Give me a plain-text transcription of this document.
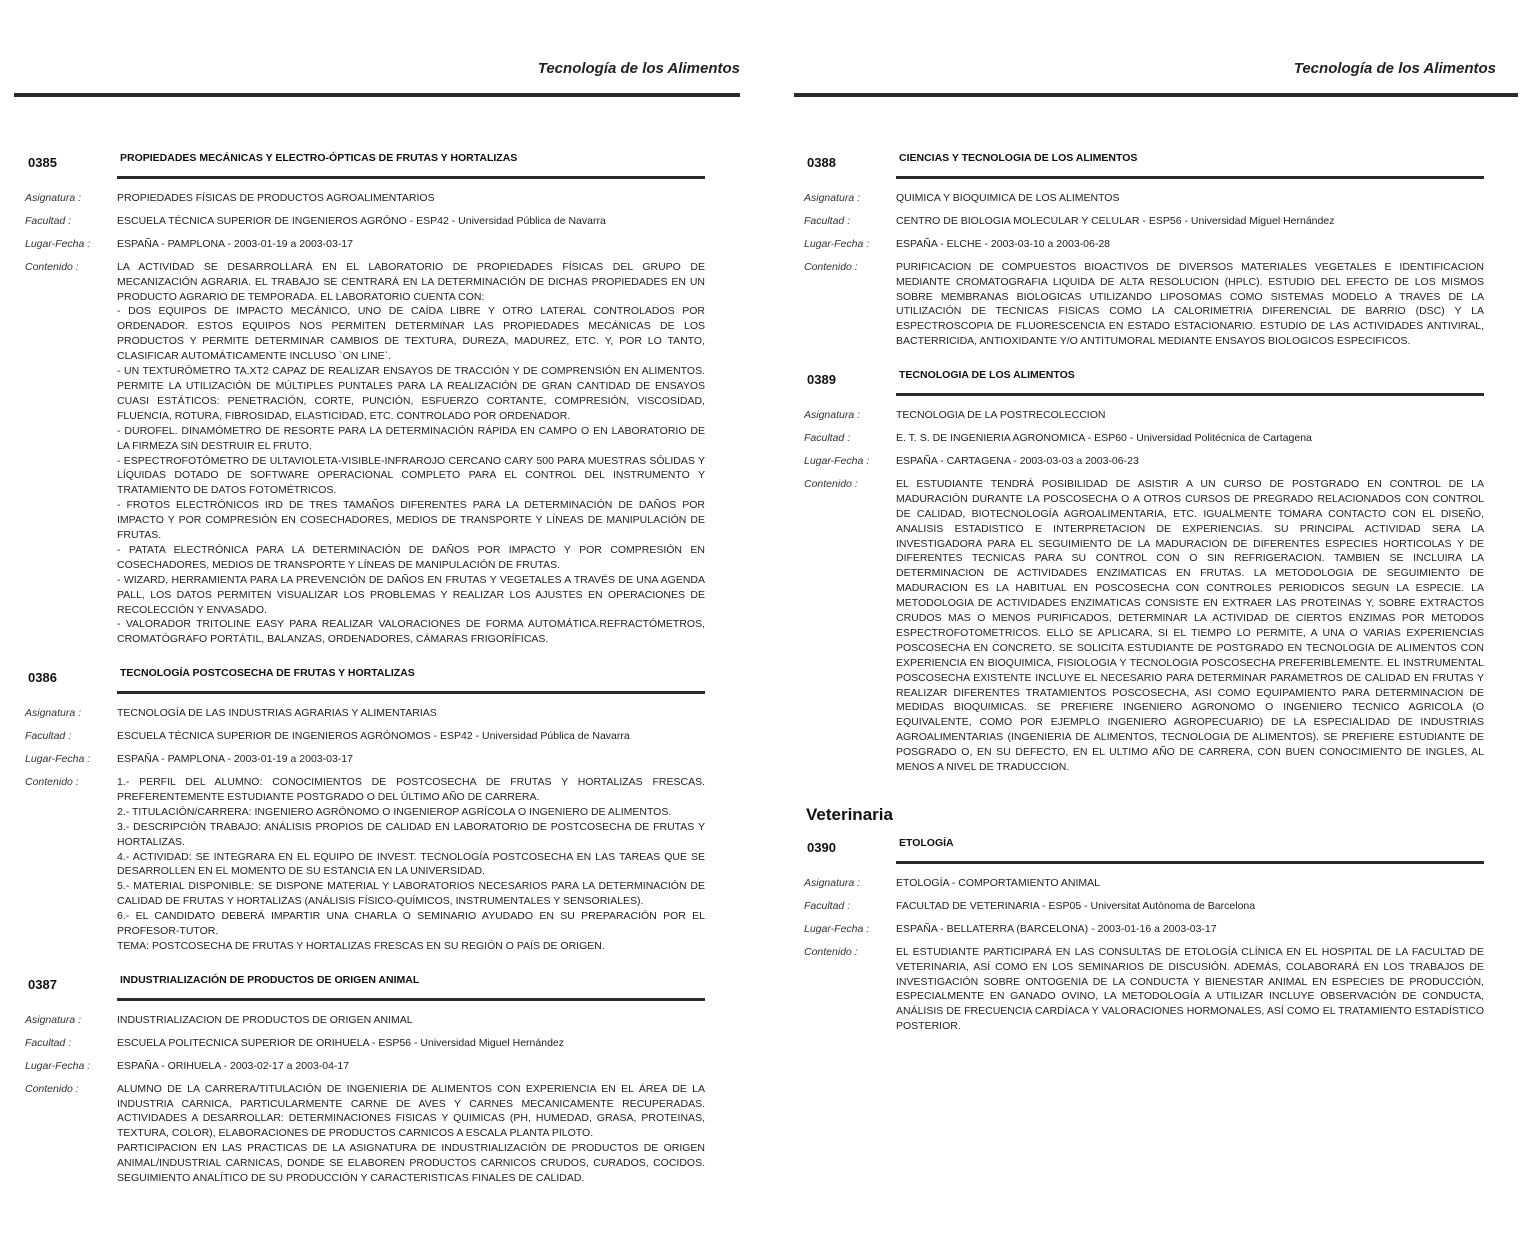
Tecnología de los Alimentos
0385	PROPIEDADES MECÁNICAS Y ELECTRO-ÓPTICAS DE FRUTAS Y HORTALIZAS
Asignatura :	PROPIEDADES FÍSICAS DE PRODUCTOS AGROALIMENTARIOS
Facultad :	ESCUELA TÉCNICA SUPERIOR DE INGENIEROS AGRÓNO - ESP42 - Universidad Pública de Navarra
Lugar-Fecha :	ESPAÑA - PAMPLONA - 2003-01-19 a 2003-03-17
Contenido :	LA ACTIVIDAD SE DESARROLLARÁ EN EL LABORATORIO DE PROPIEDADES FÍSICAS DEL GRUPO DE MECANIZACIÓN AGRARIA. EL TRABAJO SE CENTRARÁ EN LA DETERMINACIÓN DE DICHAS PROPIEDADES EN UN PRODUCTO AGRARIO DE TEMPORADA. EL LABORATORIO CUENTA CON:
- DOS EQUIPOS DE IMPACTO MECÁNICO, UNO DE CAÍDA LIBRE Y OTRO LATERAL CONTROLADOS POR ORDENADOR. ESTOS EQUIPOS NOS PERMITEN DETERMINAR LAS PROPIEDADES MECÁNICAS DE LOS PRODUCTOS Y PERMITE DETERMINAR CAMBIOS DE TEXTURA, DUREZA, MADUREZ, ETC. Y, POR LO TANTO, CLASIFICAR AUTOMÁTICAMENTE INCLUSO `ON LINE`.
- UN TEXTURÓMETRO TA.XT2 CAPAZ DE REALIZAR ENSAYOS DE TRACCIÓN Y DE COMPRENSIÓN EN ALIMENTOS. PERMITE LA UTILIZACIÓN DE MÚLTIPLES PUNTALES PARA LA REALIZACIÓN DE GRAN CANTIDAD DE ENSAYOS CUASI ESTÁTICOS: PENETRACIÓN, CORTE, PUNCIÓN, ESFUERZO CORTANTE, COMPRESIÓN, VISCOSIDAD, FLUENCIA, ROTURA, FIBROSIDAD, ELASTICIDAD, ETC. CONTROLADO POR ORDENADOR.
- DUROFEL. DINAMÓMETRO DE RESORTE PARA LA DETERMINACIÓN RÁPIDA EN CAMPO O EN LABORATORIO DE LA FIRMEZA SIN DESTRUIR EL FRUTO.
- ESPECTROFOTÓMETRO DE ULTAVIOLETA-VISIBLE-INFRAROJO CERCANO CARY 500 PARA MUESTRAS SÓLIDAS Y LÍQUIDAS DOTADO DE SOFTWARE OPERACIONAL COMPLETO PARA EL CONTROL DEL INSTRUMENTO Y TRATAMIENTO DE DATOS FOTOMÉTRICOS.
- FROTOS ELECTRÓNICOS IRD DE TRES TAMAÑOS DIFERENTES PARA LA DETERMINACIÓN DE DAÑOS POR IMPACTO Y POR COMPRESIÓN EN COSECHADORES, MEDIOS DE TRANSPORTE Y LÍNEAS DE MANIPULACIÓN DE FRUTAS.
- PATATA ELECTRÓNICA PARA LA DETERMINACIÓN DE DAÑOS POR IMPACTO Y POR COMPRESIÓN EN COSECHADORES, MEDIOS DE TRANSPORTE Y LÍNEAS DE MANIPULACIÓN DE FRUTAS.
- WIZARD, HERRAMIENTA PARA LA PREVENCIÓN DE DAÑOS EN FRUTAS Y VEGETALES A TRAVÉS DE UNA AGENDA PALL, LOS DATOS PERMITEN VISUALIZAR LOS PROBLEMAS Y REALIZAR LOS AJUSTES EN OPERACIONES DE RECOLECCIÓN Y ENVASADO.
- VALORADOR TRITOLINE EASY PARA REALIZAR VALORACIONES DE FORMA AUTOMÁTICA.REFRACTÓMETROS, CROMATÓGRAFO PORTÁTIL, BALANZAS, ORDENADORES, CÁMARAS FRIGORÍFICAS.
0386	TECNOLOGÍA POSTCOSECHA DE FRUTAS Y HORTALIZAS
Asignatura :	TECNOLOGÍA DE LAS INDUSTRIAS AGRARIAS Y ALIMENTARIAS
Facultad :	ESCUELA TÉCNICA SUPERIOR DE INGENIEROS AGRÓNOMOS - ESP42 - Universidad Pública de Navarra
Lugar-Fecha :	ESPAÑA - PAMPLONA - 2003-01-19 a 2003-03-17
Contenido :	1.- PERFIL DEL ALUMNO: CONOCIMIENTOS DE POSTCOSECHA DE FRUTAS Y HORTALIZAS FRESCAS. PREFERENTEMENTE ESTUDIANTE POSTGRADO O DEL ÚLTIMO AÑO DE CARRERA.
2.- TITULACIÓN/CARRERA: INGENIERO AGRÓNOMO O INGENIEROP AGRÍCOLA O INGENIERO DE ALIMENTOS.
3.- DESCRIPCIÓN TRABAJO: ANÁLISIS PROPIOS DE CALIDAD EN LABORATORIO DE POSTCOSECHA DE FRUTAS Y HORTALIZAS.
4.- ACTIVIDAD: SE INTEGRARA EN EL EQUIPO DE INVEST. TECNOLOGÍA POSTCOSECHA EN LAS TAREAS QUE SE DESARROLLEN EN EL MOMENTO DE SU ESTANCIA EN LA UNIVERSIDAD.
5.- MATERIAL DISPONIBLE: SE DISPONE MATERIAL Y LABORATORIOS NECESARIOS PARA LA DETERMINACIÓN DE CALIDAD DE FRUTAS Y HORTALIZAS (ANÁLISIS FÍSICO-QUÍMICOS, INSTRUMENTALES Y SENSORIALES).
6.- EL CANDIDATO DEBERÁ IMPARTIR UNA CHARLA O SEMINARIO AYUDADO EN SU PREPARACIÓN POR EL PROFESOR-TUTOR.
TEMA: POSTCOSECHA DE FRUTAS Y HORTALIZAS FRESCAS EN SU REGIÓN O PAÍS DE ORIGEN.
0387	INDUSTRIALIZACIÓN DE PRODUCTOS DE ORIGEN ANIMAL
Asignatura :	INDUSTRIALIZACION DE PRODUCTOS DE ORIGEN ANIMAL
Facultad :	ESCUELA POLITECNICA SUPERIOR DE ORIHUELA - ESP56 - Universidad Miguel Hernández
Lugar-Fecha :	ESPAÑA - ORIHUELA - 2003-02-17 a 2003-04-17
Contenido :	ALUMNO DE LA CARRERA/TITULACIÓN DE INGENIERIA DE ALIMENTOS CON EXPERIENCIA EN EL ÁREA DE LA INDUSTRIA CARNICA, PARTICULARMENTE CARNE DE AVES Y CARNES MECANICAMENTE RECUPERADAS. ACTIVIDADES A DESARROLLAR: DETERMINACIONES FISICAS Y QUIMICAS (PH, HUMEDAD, GRASA, PROTEINAS, TEXTURA, COLOR), ELABORACIONES DE PRODUCTOS CARNICOS A ESCALA PLANTA PILOTO.
PARTICIPACION EN LAS PRACTICAS DE LA ASIGNATURA DE INDUSTRIALIZACIÓN DE PRODUCTOS DE ORIGEN ANIMAL/INDUSTRIAL CARNICAS, DONDE SE ELABOREN PRODUCTOS CARNICOS CRUDOS, CURADOS, COCIDOS. SEGUIMIENTO ANALÍTICO DE SU PRODUCCIÓN Y CARACTERISTICAS FINALES DE CALIDAD.
Tecnología de los Alimentos
0388	CIENCIAS Y TECNOLOGIA DE LOS ALIMENTOS
Asignatura :	QUIMICA Y BIOQUIMICA DE LOS ALIMENTOS
Facultad :	CENTRO DE BIOLOGIA MOLECULAR Y CELULAR - ESP56 - Universidad Miguel Hernández
Lugar-Fecha :	ESPAÑA - ELCHE - 2003-03-10 a 2003-06-28
Contenido :	PURIFICACION DE COMPUESTOS BIOACTIVOS DE DIVERSOS MATERIALES VEGETALES E IDENTIFICACION MEDIANTE CROMATOGRAFIA LIQUIDA DE ALTA RESOLUCION (HPLC). ESTUDIO DEL EFECTO DE LOS MISMOS SOBRE MEMBRANAS BIOLOGICAS UTILIZANDO LIPOSOMAS COMO SISTEMAS MODELO A TRAVES DE LA UTILIZACIÓN DE TECNICAS FISICAS COMO LA CALORIMETRIA DIFERENCIAL DE BARRIO (DSC) Y LA ESPECTROSCOPIA DE FLUORESCENCIA EN ESTADO ESTACIONARIO. ESTUDIO DE LAS ACTIVIDADES ANTIVIRAL, BACTERRICIDA, ANTIOXIDANTE Y/O ANTITUMORAL MEDIANTE ENSAYOS BIOLOGICOS ESPECIFICOS.
0389	TECNOLOGIA DE LOS ALIMENTOS
Asignatura :	TECNOLOGIA DE LA POSTRECOLECCION
Facultad :	E. T. S. DE INGENIERIA AGRONOMICA - ESP60 - Universidad Politécnica de Cartagena
Lugar-Fecha :	ESPAÑA - CARTAGENA - 2003-03-03 a 2003-06-23
Contenido :	EL ESTUDIANTE TENDRÁ POSIBILIDAD DE ASISTIR A UN CURSO DE POSTGRADO EN CONTROL DE LA MADURACIÓN DURANTE LA POSCOSECHA O A OTROS CURSOS DE PREGRADO RELACIONADOS CON CONTROL DE CALIDAD, BIOTECNOLOGÍA AGROALIMENTARIA, ETC. IGUALMENTE TOMARA CONTACTO CON EL DISEÑO, ANALISIS ESTADISTICO E INTERPRETACION DE EXPERIENCIAS. SU PRINCIPAL ACTIVIDAD SERA LA INVESTIGADORA PARA EL SEGUIMIENTO DE LA MADURACION DE DIFERENTES ESPECIES HORTICOLAS Y DE DIFERENTES TECNICAS PARA SU CONTROL CON O SIN REFRIGERACION. TAMBIEN SE INCLUIRA LA DETERMINACION DE ACTIVIDADES ENZIMATICAS EN FRUTAS. LA METODOLOGIA DE SEGUIMIENTO DE MADURACION ES LA HABITUAL EN POSCOSECHA CON CONTROLES PERIODICOS SEGUN LA ESPECIE. LA METODOLOGIA DE ACTIVIDADES ENZIMATICAS CONSISTE EN EXTRAER LAS PROTEINAS Y, SOBRE EXTRACTOS CRUDOS MAS O MENOS PURIFICADOS, DETERMINAR LA ACTIVIDAD DE CIERTOS ENZIMAS POR METODOS ESPECTROFOTOMETRICOS. ELLO SE APLICARA, SI EL TIEMPO LO PERMITE, A UNA O VARIAS EXPERIENCIAS POSCOSECHA EN CONCRETO. SE SOLICITA ESTUDIANTE DE POSTGRADO EN TECNOLOGIA DE ALIMENTOS CON EXPERIENCIA EN BIOQUIMICA, FISIOLOGIA Y TECNOLOGIA POSCOSECHA PREFERIBLEMENTE. EL INSTRUMENTAL POSCOSECHA EXISTENTE INCLUYE EL NECESARIO PARA DETERMINAR PARAMETROS DE CALIDAD EN FRUTAS Y REALIZAR DIFERENTES TRATAMIENTOS POSCOSECHA, ASI COMO EQUIPAMIENTO PARA DETERMINACION DE MEDIDAS BIOQUIMICAS. SE PREFIERE INGENIERO AGRONOMO O INGENIERO TECNICO AGRICOLA (O EQUIVALENTE, COMO POR EJEMPLO INGENIERO AGROPECUARIO) DE LA ESPECIALIDAD DE INDUSTRIAS AGROALIMENTARIAS (INGENIERIA DE ALIMENTOS, TECNOLOGIA DE ALIMENTOS). SE PREFIERE ESTUDIANTE DE POSGRADO O, EN SU DEFECTO, EN EL ULTIMO AÑO DE CARRERA, CON BUEN CONOCIMIENTO DE INGLES, AL MENOS A NIVEL DE TRADUCCION.
Veterinaria
0390	ETOLOGÍA
Asignatura :	ETOLOGÍA - COMPORTAMIENTO ANIMAL
Facultad :	FACULTAD DE VETERINARIA - ESP05 - Universitat Autònoma de Barcelona
Lugar-Fecha :	ESPAÑA - BELLATERRA (BARCELONA) - 2003-01-16 a 2003-03-17
Contenido :	EL ESTUDIANTE PARTICIPARÁ EN LAS CONSULTAS DE ETOLOGÍA CLÍNICA EN EL HOSPITAL DE LA FACULTAD DE VETERINARIA, ASÍ COMO EN LOS SEMINARIOS DE DISCUSIÓN. ADEMÁS, COLABORARÁ EN LOS TRABAJOS DE INVESTIGACIÓN SOBRE ONTOGENIA DE LA CONDUCTA Y BIENESTAR ANIMAL EN ESPECIES DE PRODUCCIÓN, ESPECIALMENTE EN GANADO OVINO, LA METODOLOGÍA A UTILIZAR INCLUYE OBSERVACIÓN DE CONDUCTA, ANÁLISIS DE FRECUENCIA CARDÍACA Y VALORACIONES HORMONALES, ASÍ COMO EL TRATAMIENTO ESTADÍSTICO POSTERIOR.
